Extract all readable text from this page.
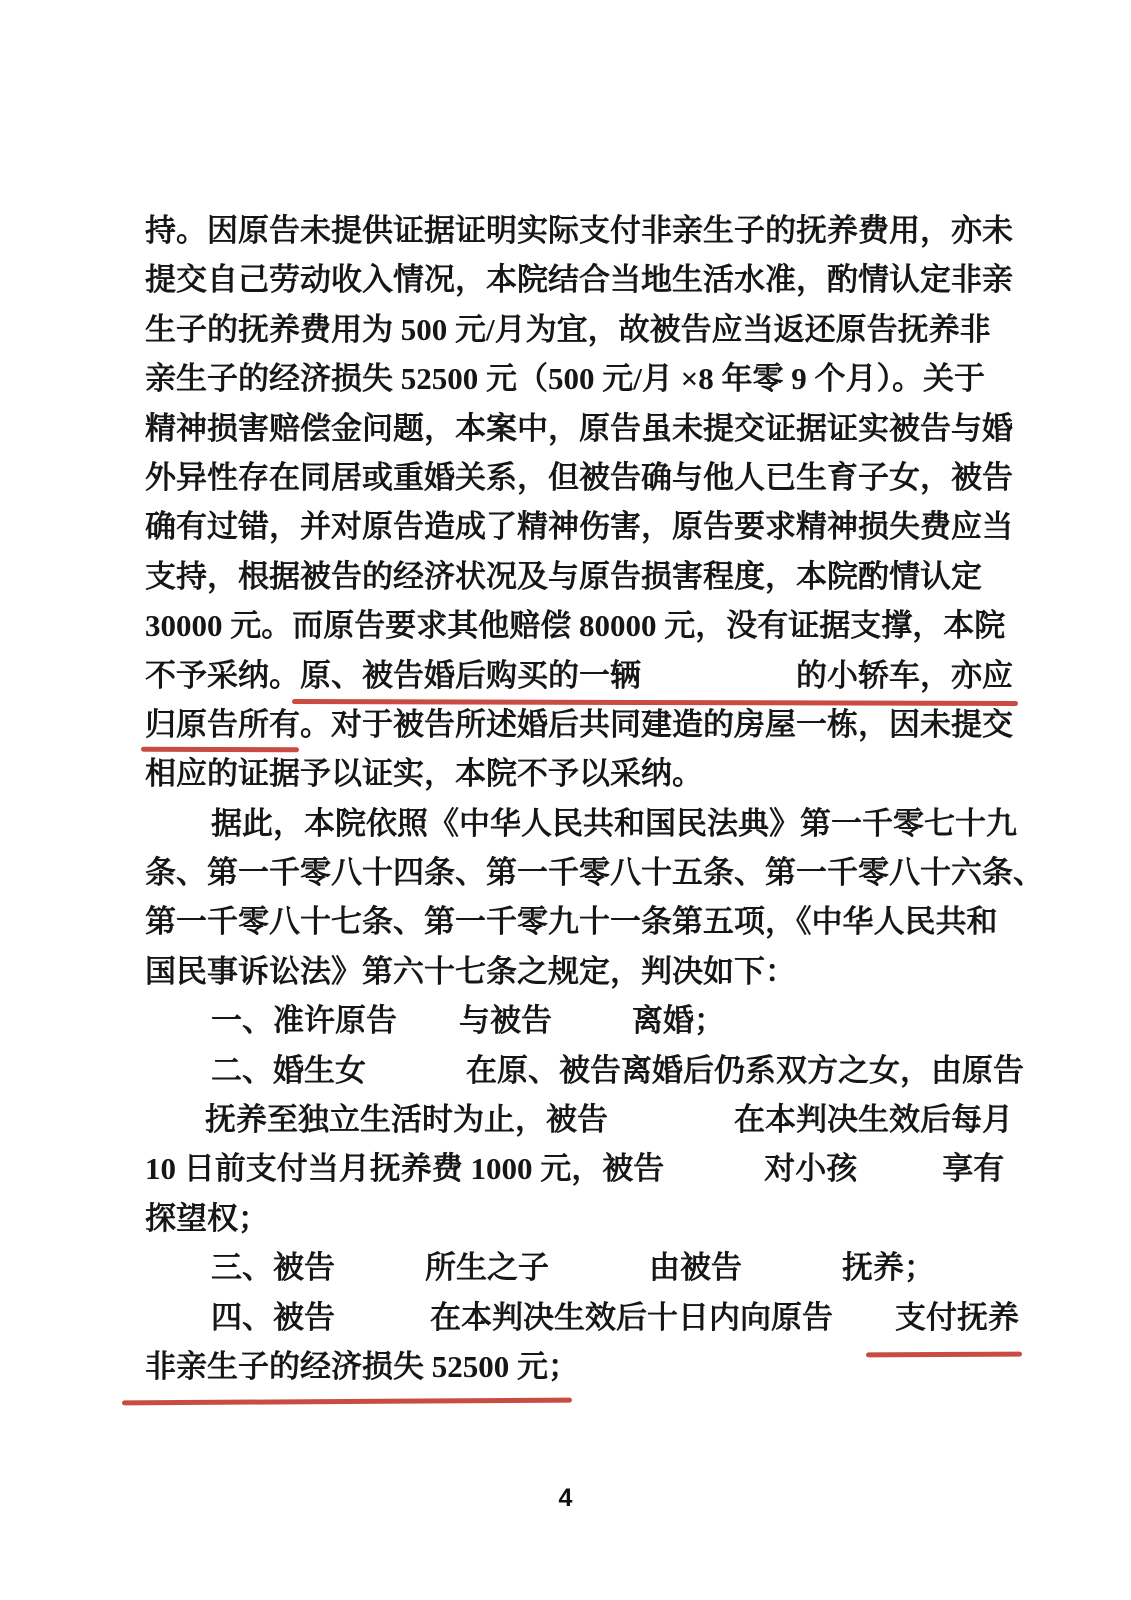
持。因原告未提供证据证明实际支付非亲生子的抚养费用，亦未
提交自己劳动收入情况，本院结合当地生活水准，酌情认定非亲
生子的抚养费用为 500 元/月为宜，故被告应当返还原告抚养非
亲生子的经济损失 52500 元（500 元/月 ×8 年零 9 个月）。关于
精神损害赔偿金问题，本案中，原告虽未提交证据证实被告与婚
外异性存在同居或重婚关系，但被告确与他人已生育子女，被告
确有过错，并对原告造成了精神伤害，原告要求精神损失费应当
支持，根据被告的经济状况及与原告损害程度，本院酌情认定
30000 元。而原告要求其他赔偿 80000 元，没有证据支撑，本院
不予采纳。原、被告婚后购买的一辆	的小轿车，亦应
归原告所有。对于被告所述婚后共同建造的房屋一栋，因未提交
相应的证据予以证实，本院不予以采纳。
据此，本院依照《中华人民共和国民法典》第一千零七十九
条、第一千零八十四条、第一千零八十五条、第一千零八十六条、
第一千零八十七条、第一千零九十一条第五项，《中华人民共和
国民事诉讼法》第六十七条之规定，判决如下：
一、准许原告 与被告	离婚；
二、婚生女	在原、被告离婚后仍系双方之女，由原告
抚养至独立生活时为止，被告	在本判决生效后每月
10 日前支付当月抚养费 1000 元，被告	对小孩	享有
探望权；
三、被告	所生之子	由被告	抚养；
四、被告	在本判决生效后十日内向原告 支付抚养
非亲生子的经济损失 52500 元；
4
